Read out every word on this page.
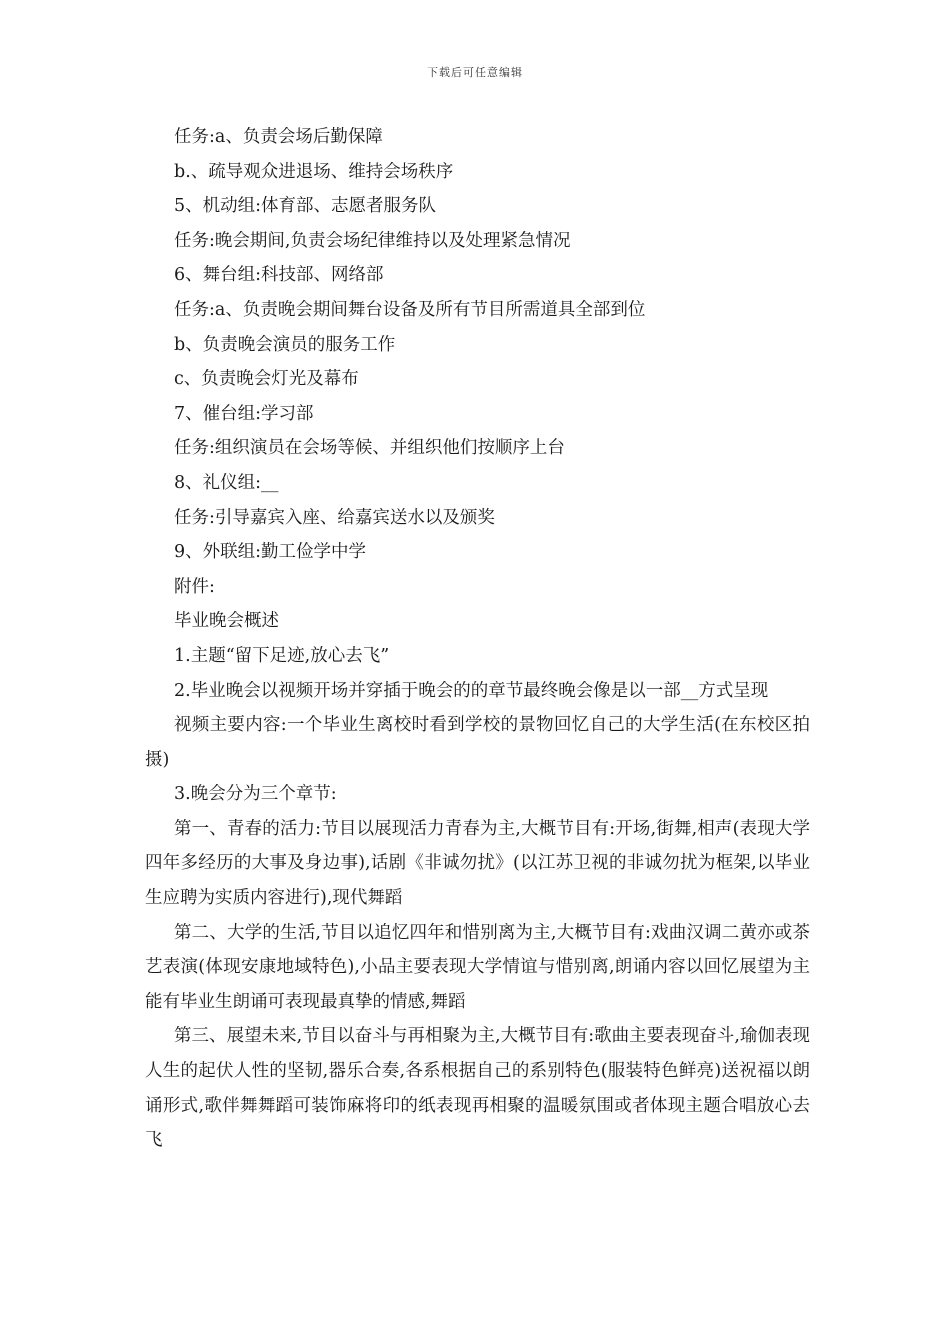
下载后可任意编辑

任务:a、负责会场后勤保障

b.、疏导观众进退场、维持会场秩序

5、机动组:体育部、志愿者服务队

任务:晚会期间,负责会场纪律维持以及处理紧急情况

6、舞台组:科技部、网络部

任务:a、负责晚会期间舞台设备及所有节目所需道具全部到位

b、负责晚会演员的服务工作

c、负责晚会灯光及幕布

7、催台组:学习部

任务:组织演员在会场等候、并组织他们按顺序上台

8、礼仪组:__

任务:引导嘉宾入座、给嘉宾送水以及颁奖

9、外联组:勤工俭学中学

附件:

毕业晚会概述

1.主题“留下足迹,放心去飞”

2.毕业晚会以视频开场并穿插于晚会的的章节最终晚会像是以一部__方式呈现

视频主要内容:一个毕业生离校时看到学校的景物回忆自己的大学生活(在东校区拍摄)

3.晚会分为三个章节:

第一、青春的活力:节目以展现活力青春为主,大概节目有:开场,街舞,相声(表现大学四年多经历的大事及身边事),话剧《非诚勿扰》(以江苏卫视的非诚勿扰为框架,以毕业生应聘为实质内容进行),现代舞蹈

第二、大学的生活,节目以追忆四年和惜别离为主,大概节目有:戏曲汉调二黄亦或茶艺表演(体现安康地域特色),小品主要表现大学情谊与惜别离,朗诵内容以回忆展望为主能有毕业生朗诵可表现最真挚的情感,舞蹈

第三、展望未来,节目以奋斗与再相聚为主,大概节目有:歌曲主要表现奋斗,瑜伽表现人生的起伏人性的坚韧,器乐合奏,各系根据自己的系别特色(服装特色鲜亮)送祝福以朗诵形式,歌伴舞舞蹈可装饰麻将印的纸表现再相聚的温暖氛围或者体现主题合唱放心去飞
